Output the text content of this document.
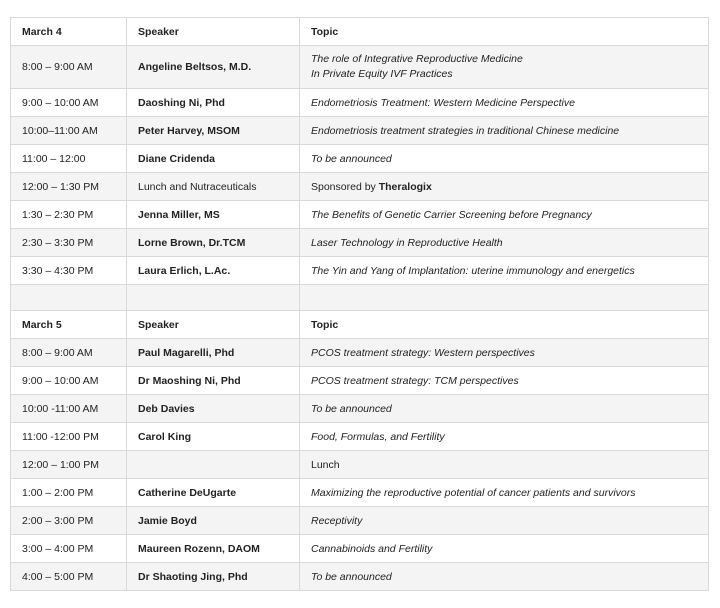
March 4	Speaker	Topic
8:00 – 9:00 AM	Angeline Beltsos, M.D.	The role of Integrative Reproductive Medicine
In Private Equity IVF Practices

9:00 – 10:00 AM	Daoshing Ni, Phd	Endometriosis Treatment: Western Medicine Perspective
10:00–11:00 AM	Peter Harvey, MSOM	Endometriosis treatment strategies in traditional Chinese medicine
11:00 – 12:00	Diane Cridenda	To be announced
12:00 – 1:30 PM	Lunch and Nutraceuticals	Sponsored by Theralogix
1:30 – 2:30 PM	Jenna Miller, MS	The Benefits of Genetic Carrier Screening before Pregnancy
2:30 – 3:30 PM	Lorne Brown, Dr.TCM	Laser Technology in Reproductive Health
3:30 – 4:30 PM	Laura Erlich, L.Ac.	The Yin and Yang of Implantation: uterine immunology and energetics

March 5	Speaker	Topic
8:00 – 9:00 AM	Paul Magarelli, Phd	PCOS treatment strategy: Western perspectives
9:00 – 10:00 AM	Dr Maoshing Ni, Phd	PCOS treatment strategy: TCM perspectives
10:00 -11:00 AM	Deb Davies	To be announced
11:00 -12:00 PM	Carol King	Food, Formulas, and Fertility
12:00 – 1:00 PM		Lunch
1:00 – 2:00 PM	Catherine DeUgarte	Maximizing the reproductive potential of cancer patients and survivors
2:00 – 3:00 PM	Jamie Boyd	Receptivity
3:00 – 4:00 PM	Maureen Rozenn, DAOM	Cannabinoids and Fertility
4:00 – 5:00 PM	Dr Shaoting Jing, Phd	To be announced
